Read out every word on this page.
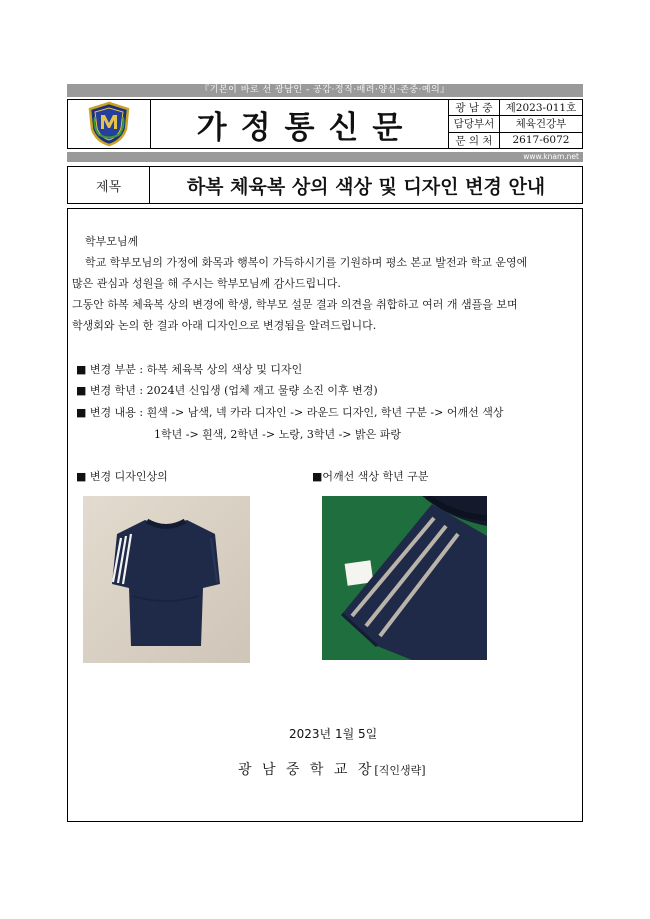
『기본이 바로 선 광남인 - 공감·정직·배려·양심·존중·예의』
가정통신문
광 남 중	제2023-011호
담당부서	체육건강부
문 의 처	2617-6072
www.knam.net
제목	하복 체육복 상의 색상 및 디자인 변경 안내
학부모님께
학교 학부모님의 가정에 화목과 행복이 가득하시기를 기원하며 평소 본교 발전과 학교 운영에
많은 관심과 성원을 해 주시는 학부모님께 감사드립니다.
그동안 하복 체육복 상의 변경에 학생, 학부모 설문 결과 의견을 취합하고 여러 개 샘플을 보며
학생회와 논의 한 결과 아래 디자인으로 변경됨을 알려드립니다.
■ 변경 부분 : 하복 체육복 상의 색상 및 디자인
■ 변경 학년 : 2024년 신입생 (업체 재고 물량 소진 이후 변경)
■ 변경 내용 : 흰색 -> 남색, 넥 카라 디자인 -> 라운드 디자인, 학년 구분 -> 어깨선 색상
1학년 -> 흰색, 2학년 -> 노랑, 3학년 -> 밝은 파랑
■ 변경 디자인상의	■어깨선 색상 학년 구분
2023년 1월 5일
광 남 중 학 교 장[직인생략]
